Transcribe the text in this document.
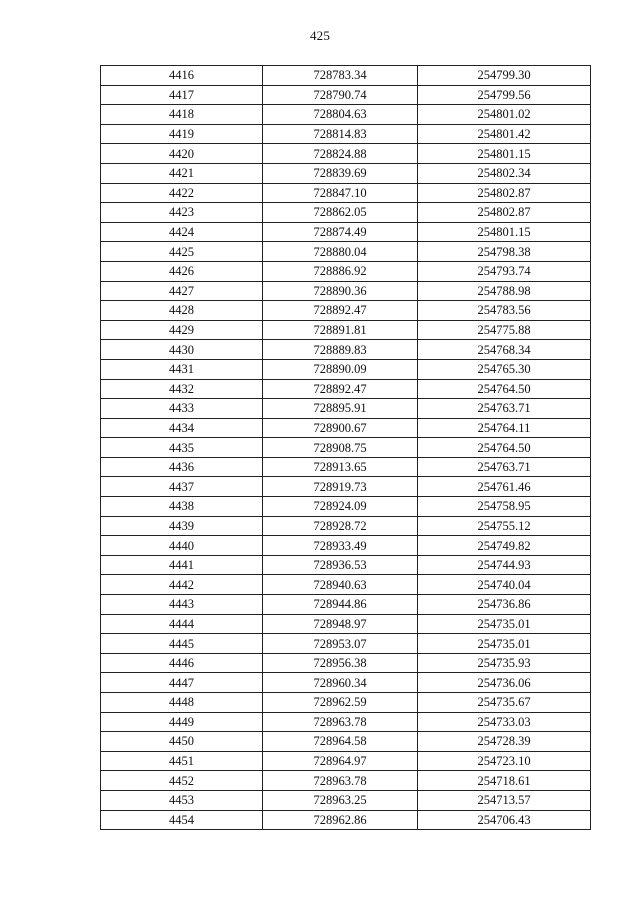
425
4416	728783.34	254799.30
4417	728790.74	254799.56
4418	728804.63	254801.02
4419	728814.83	254801.42
4420	728824.88	254801.15
4421	728839.69	254802.34
4422	728847.10	254802.87
4423	728862.05	254802.87
4424	728874.49	254801.15
4425	728880.04	254798.38
4426	728886.92	254793.74
4427	728890.36	254788.98
4428	728892.47	254783.56
4429	728891.81	254775.88
4430	728889.83	254768.34
4431	728890.09	254765.30
4432	728892.47	254764.50
4433	728895.91	254763.71
4434	728900.67	254764.11
4435	728908.75	254764.50
4436	728913.65	254763.71
4437	728919.73	254761.46
4438	728924.09	254758.95
4439	728928.72	254755.12
4440	728933.49	254749.82
4441	728936.53	254744.93
4442	728940.63	254740.04
4443	728944.86	254736.86
4444	728948.97	254735.01
4445	728953.07	254735.01
4446	728956.38	254735.93
4447	728960.34	254736.06
4448	728962.59	254735.67
4449	728963.78	254733.03
4450	728964.58	254728.39
4451	728964.97	254723.10
4452	728963.78	254718.61
4453	728963.25	254713.57
4454	728962.86	254706.43
